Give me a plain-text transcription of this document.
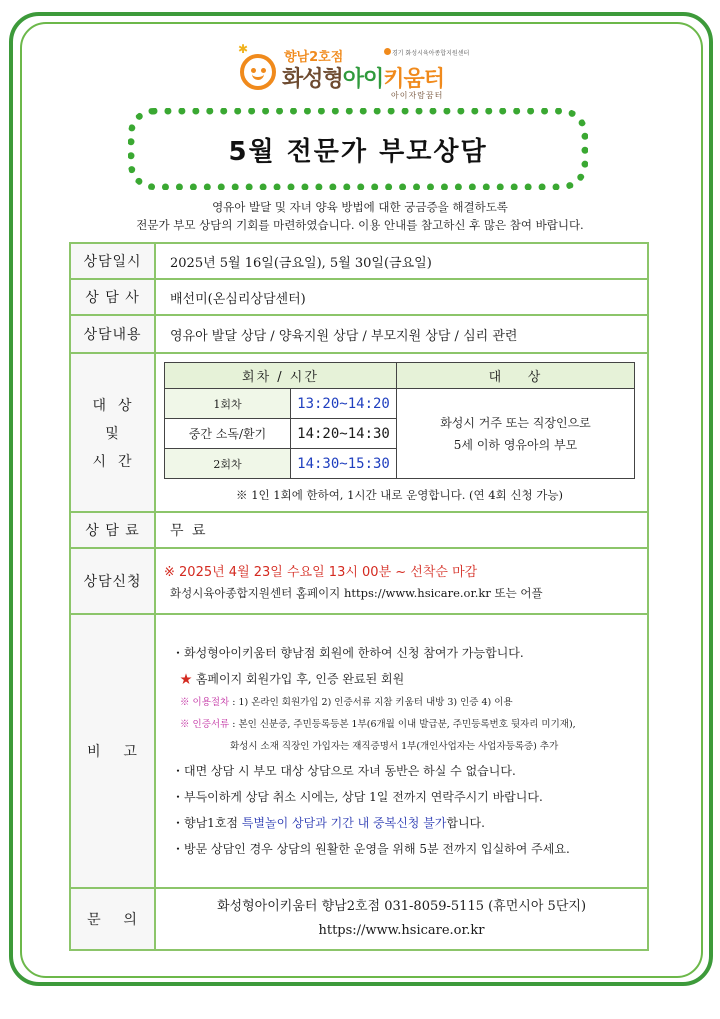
✱
향남2호점	경기 화성시육아종합지원센터
화성형아이키움터
아이자람꿈터
5월 전문가 부모상담
영유아 발달 및 자녀 양육 방법에 대한 궁금증을 해결하도록
전문가 부모 상담의 기회를 마련하였습니다. 이용 안내를 참고하신 후 많은 참여 바랍니다.
상담일시	2025년 5월 16일(금요일), 5월 30일(금요일)
상 담 사	배선미(온심리상담센터)
상담내용	영유아 발달 상담 / 양육지원 상담 / 부모지원 상담 / 심리 관련

대  상
및
시  간

회차 / 시간	대    상
1회차	13:20~14:20	
화성시 거주 또는 직장인으로
5세 이하 영유아의 부모

중간 소독/환기	14:20~14:30
2회차	14:30~15:30
※ 1인 1회에 한하여, 1시간 내로 운영합니다. (연 4회 신청 가능)

상 담 료	무 료
상담신청	
※ 2025년 4월 23일 수요일 13시 00분 ~ 선착순 마감
화성시육아종합지원센터 홈페이지 https://www.hsicare.or.kr 또는 어플

비    고	
・화성형아이키움터 향남점 회원에 한하여 신청 참여가 가능합니다.
★ 홈페이지 회원가입 후, 인증 완료된 회원
※ 이용절차 : 1) 온라인 회원가입 2) 인증서류 지참 키움터 내방 3) 인증 4) 이용
※ 인증서류 : 본인 신분증, 주민등록등본 1부(6개월 이내 발급분, 주민등록번호 뒷자리 미기재),
화성시 소재 직장인 가입자는 재직증명서 1부(개인사업자는 사업자등록증) 추가
・대면 상담 시 부모 대상 상담으로 자녀 동반은 하실 수 없습니다.
・부득이하게 상담 취소 시에는, 상담 1일 전까지 연락주시기 바랍니다.
・향남1호점 특별놀이 상담과 기간 내 중복신청 불가합니다.
・방문 상담인 경우 상담의 원활한 운영을 위해 5분 전까지 입실하여 주세요.

문    의	
화성형아이키움터 향남2호점 031-8059-5115 (휴먼시아 5단지)
https://www.hsicare.or.kr
